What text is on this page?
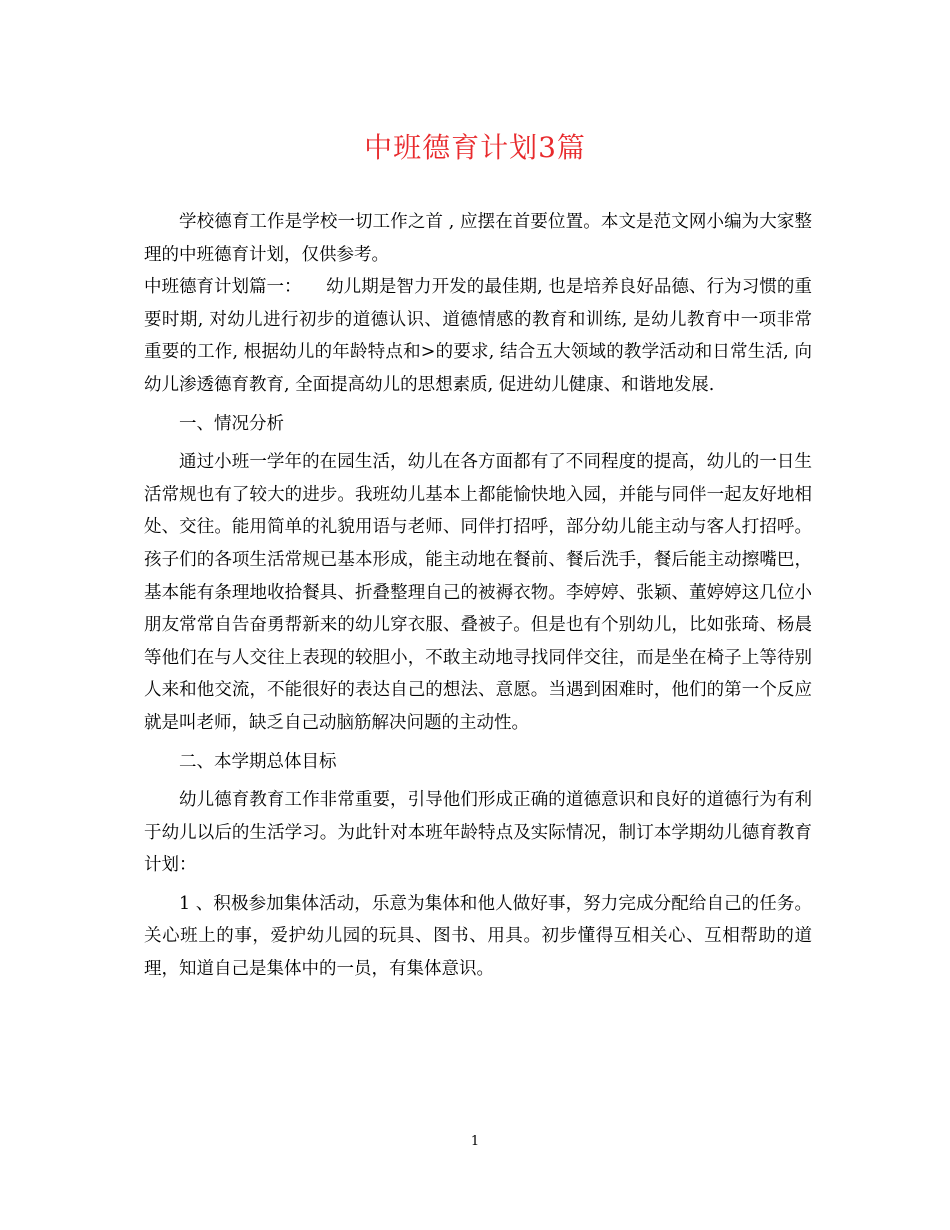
中班德育计划3篇

学校德育工作是学校一切工作之首 , 应摆在首要位置。本文是范文网小编为大家整理的中班德育计划，仅供参考。

中班德育计划篇一： 幼儿期是智力开发的最佳期, 也是培养良好品德、行为习惯的重要时期, 对幼儿进行初步的道德认识、道德情感的教育和训练, 是幼儿教育中一项非常重要的工作, 根据幼儿的年龄特点和>的要求, 结合五大领域的教学活动和日常生活, 向幼儿渗透德育教育, 全面提高幼儿的思想素质, 促进幼儿健康、和谐地发展.

一、情况分析

通过小班一学年的在园生活，幼儿在各方面都有了不同程度的提高，幼儿的一日生活常规也有了较大的进步。我班幼儿基本上都能愉快地入园，并能与同伴一起友好地相处、交往。能用简单的礼貌用语与老师、同伴打招呼，部分幼儿能主动与客人打招呼。孩子们的各项生活常规已基本形成，能主动地在餐前、餐后洗手，餐后能主动擦嘴巴，基本能有条理地收拾餐具、折叠整理自己的被褥衣物。李婷婷、张颖、董婷婷这几位小朋友常常自告奋勇帮新来的幼儿穿衣服、叠被子。但是也有个别幼儿，比如张琦、杨晨等他们在与人交往上表现的较胆小，不敢主动地寻找同伴交往，而是坐在椅子上等待别人来和他交流，不能很好的表达自己的想法、意愿。当遇到困难时，他们的第一个反应就是叫老师，缺乏自己动脑筋解决问题的主动性。

二、本学期总体目标

幼儿德育教育工作非常重要，引导他们形成正确的道德意识和良好的道德行为有利于幼儿以后的生活学习。为此针对本班年龄特点及实际情况，制订本学期幼儿德育教育计划：

1 、积极参加集体活动，乐意为集体和他人做好事，努力完成分配给自己的任务。关心班上的事，爱护幼儿园的玩具、图书、用具。初步懂得互相关心、互相帮助的道理，知道自己是集体中的一员，有集体意识。

1
